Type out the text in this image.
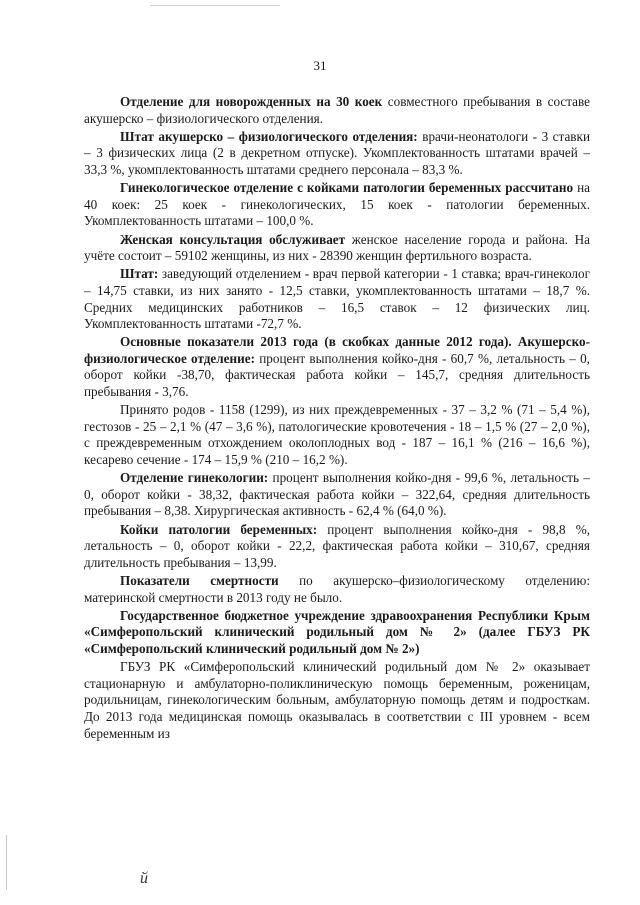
31

Отделение для новорожденных на 30 коек совместного пребывания в составе акушерско – физиологического отделения.

Штат акушерско – физиологического отделения: врачи-неонатологи - 3 ставки – 3 физических лица (2 в декретном отпуске). Укомплектованность штатами врачей – 33,3 %, укомплектованность штатами среднего персонала – 83,3 %.

Гинекологическое отделение с койками патологии беременных рассчитано на 40 коек: 25 коек - гинекологических, 15 коек - патологии беременных. Укомплектованность штатами – 100,0 %.

Женская консультация обслуживает женское население города и района. На учёте состоит – 59102 женщины, из них - 28390 женщин фертильного возраста.

Штат: заведующий отделением - врач первой категории - 1 ставка; врач-гинеколог – 14,75 ставки, из них занято - 12,5 ставки, укомплектованность штатами – 18,7 %. Средних медицинских работников – 16,5 ставок – 12 физических лиц. Укомплектованность штатами -72,7 %.

Основные показатели 2013 года (в скобках данные 2012 года). Акушерско-физиологическое отделение: процент выполнения койко-дня - 60,7 %, летальность – 0, оборот койки -38,70, фактическая работа койки – 145,7, средняя длительность пребывания - 3,76.

Принято родов - 1158 (1299), из них преждевременных - 37 – 3,2 % (71 – 5,4 %), гестозов - 25 – 2,1 % (47 – 3,6 %), патологические кровотечения - 18 – 1,5 % (27 – 2,0 %), с преждевременным отхождением околоплодных вод - 187 – 16,1 % (216 – 16,6 %), кесарево сечение - 174 – 15,9 % (210 – 16,2 %).

Отделение гинекологии: процент выполнения койко-дня - 99,6 %, летальность – 0, оборот койки - 38,32, фактическая работа койки – 322,64, средняя длительность пребывания – 8,38. Хирургическая активность - 62,4 % (64,0 %).

Койки патологии беременных: процент выполнения койко-дня - 98,8 %, летальность – 0, оборот койки - 22,2, фактическая работа койки – 310,67, средняя длительность пребывания – 13,99.

Показатели смертности по акушерско–физиологическому отделению: материнской смертности в 2013 году не было.

Государственное бюджетное учреждение здравоохранения Республики Крым «Симферопольский клинический родильный дом № 2» (далее ГБУЗ РК «Симферопольский клинический родильный дом № 2»)

ГБУЗ РК «Симферопольский клинический родильный дом № 2» оказывает стационарную и амбулаторно-поликлиническую помощь беременным, роженицам, родильницам, гинекологическим больным, амбулаторную помощь детям и подросткам. До 2013 года медицинская помощь оказывалась в соответствии с III уровнем - всем беременным из

й
